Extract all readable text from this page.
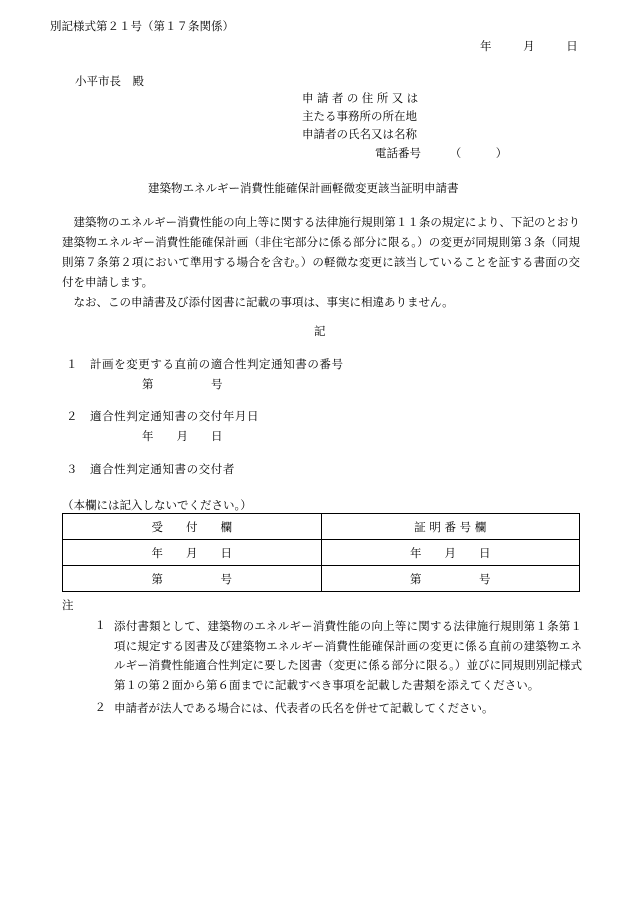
別記様式第２１号（第１７条関係）
年　　月　　日
小平市長　殿
申請者の住所又は
主たる事務所の所在地
申請者の氏名又は名称
電話番号　　　（　　　）
建築物エネルギー消費性能確保計画軽微変更該当証明申請書

建築物のエネルギー消費性能の向上等に関する法律施行規則第１１条の規定により、下記のとおり建築物エネルギー消費性能確保計画（非住宅部分に係る部分に限る。）の変更が同規則第３条（同規則第７条第２項において準用する場合を含む。）の軽微な変更に該当していることを証する書面の交付を申請します。

なお、この申請書及び添付図書に記載の事項は、事実に相違ありません。

記
１ 計画を変更する直前の適合性判定通知書の番号
第　　　　　号
２ 適合性判定通知書の交付年月日
年　　月　　日
３ 適合性判定通知書の交付者
（本欄には記入しないでください。）
受　　付　　欄	証 明 番 号 欄
年　　月　　日	年　　月　　日
第　　　　　号	第　　　　　号
注
１ 添付書類として、建築物のエネルギー消費性能の向上等に関する法律施行規則第１条第１項に規定する図書及び建築物エネルギー消費性能確保計画の変更に係る直前の建築物エネルギー消費性能適合性判定に要した図書（変更に係る部分に限る。）並びに同規則別記様式第１の第２面から第６面までに記載すべき事項を記載した書類を添えてください。
２ 申請者が法人である場合には、代表者の氏名を併せて記載してください。
